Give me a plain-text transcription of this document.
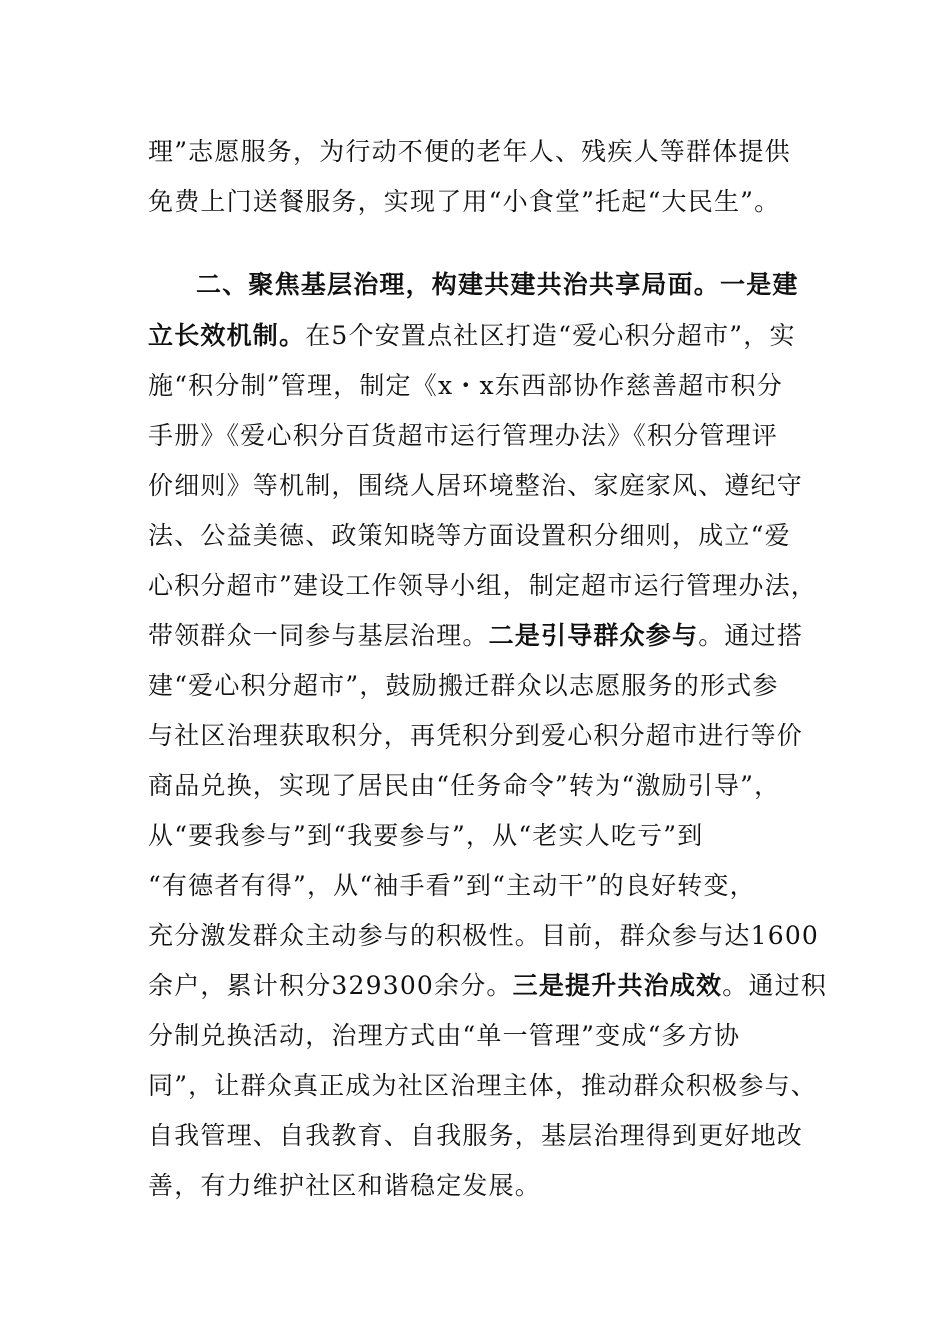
理”志愿服务，为行动不便的老年人、残疾人等群体提供
免费上门送餐服务，实现了用“小食堂”托起“大民生”。
二、聚焦基层治理，构建共建共治共享局面。一是建
立长效机制。在5个安置点社区打造“爱心积分超市”，实
施“积分制”管理，制定《x・x东西部协作慈善超市积分
手册》《爱心积分百货超市运行管理办法》《积分管理评
价细则》等机制，围绕人居环境整治、家庭家风、遵纪守
法、公益美德、政策知晓等方面设置积分细则，成立“爱
心积分超市”建设工作领导小组，制定超市运行管理办法，
带领群众一同参与基层治理。二是引导群众参与。通过搭
建“爱心积分超市”，鼓励搬迁群众以志愿服务的形式参
与社区治理获取积分，再凭积分到爱心积分超市进行等价
商品兑换，实现了居民由“任务命令”转为“激励引导”，
从“要我参与”到“我要参与”，从“老实人吃亏”到
“有德者有得”，从“袖手看”到“主动干”的良好转变，
充分激发群众主动参与的积极性。目前，群众参与达1600
余户，累计积分329300余分。三是提升共治成效。通过积
分制兑换活动，治理方式由“单一管理”变成“多方协
同”，让群众真正成为社区治理主体，推动群众积极参与、
自我管理、自我教育、自我服务，基层治理得到更好地改
善，有力维护社区和谐稳定发展。
